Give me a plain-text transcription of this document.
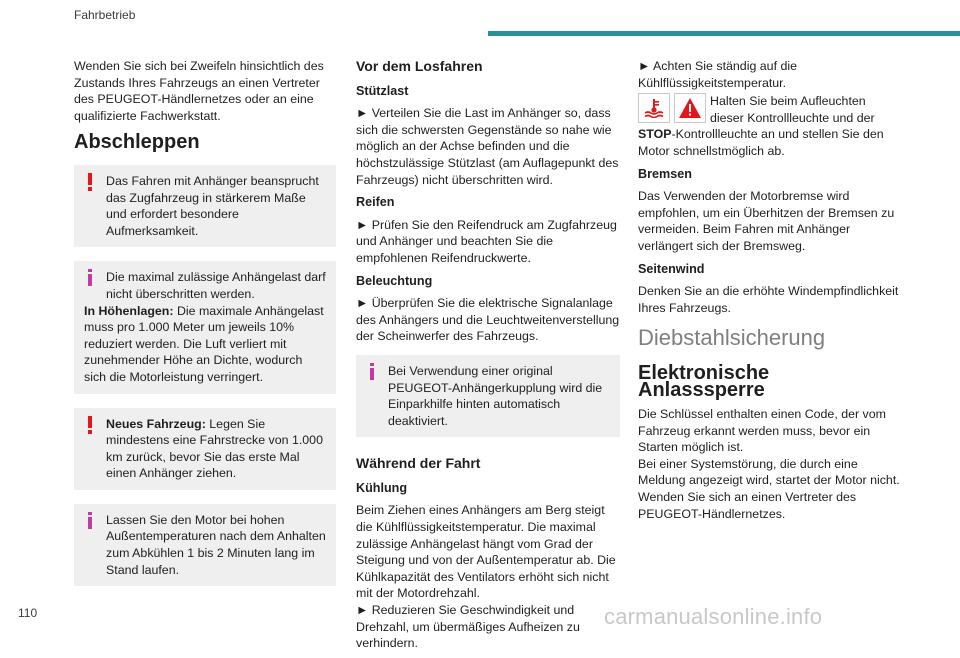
Fahrbetrieb

Wenden Sie sich bei Zweifeln hinsichtlich des Zustands Ihres Fahrzeugs an einen Vertreter des PEUGEOT-Händlernetzes oder an eine qualifizierte Fachwerkstatt.

Abschleppen
Das Fahren mit Anhänger beansprucht das Zugfahrzeug in stärkerem Maße und erfordert besondere Aufmerksamkeit.
Die maximal zulässige Anhängelast darf nicht überschritten werden.
In Höhenlagen: Die maximale Anhängelast muss pro 1.000 Meter um jeweils 10% reduziert werden. Die Luft verliert mit zunehmender Höhe an Dichte, wodurch sich die Motorleistung verringert.
Neues Fahrzeug: Legen Sie mindestens eine Fahrstrecke von 1.000 km zurück, bevor Sie das erste Mal einen Anhänger ziehen.
Lassen Sie den Motor bei hohen Außentemperaturen nach dem Anhalten zum Abkühlen 1 bis 2 Minuten lang im Stand laufen.
Vor dem Losfahren
Stützlast

► Verteilen Sie die Last im Anhänger so, dass sich die schwersten Gegenstände so nahe wie möglich an der Achse befinden und die höchstzulässige Stützlast (am Auflagepunkt des Fahrzeugs) nicht überschritten wird.

Reifen

► Prüfen Sie den Reifendruck am Zugfahrzeug und Anhänger und beachten Sie die empfohlenen Reifendruckwerte.

Beleuchtung

► Überprüfen Sie die elektrische Signalanlage des Anhängers und die Leuchtweitenverstellung der Scheinwerfer des Fahrzeugs.

Bei Verwendung einer original PEUGEOT-Anhängerkupplung wird die Einparkhilfe hinten automatisch deaktiviert.
Während der Fahrt
Kühlung

Beim Ziehen eines Anhängers am Berg steigt die Kühlflüssigkeitstemperatur. Die maximal zulässige Anhängelast hängt vom Grad der Steigung und von der Außentemperatur ab. Die Kühlkapazität des Ventilators erhöht sich nicht mit der Motordrehzahl.

► Reduzieren Sie Geschwindigkeit und Drehzahl, um übermäßiges Aufheizen zu verhindern.

► Achten Sie ständig auf die Kühlflüssigkeitstemperatur.

Halten Sie beim Aufleuchten dieser Kontrollleuchte und der STOP-Kontrollleuchte an und stellen Sie den Motor schnellstmöglich ab.
Bremsen

Das Verwenden der Motorbremse wird empfohlen, um ein Überhitzen der Bremsen zu vermeiden. Beim Fahren mit Anhänger verlängert sich der Bremsweg.

Seitenwind

Denken Sie an die erhöhte Windempfindlichkeit Ihres Fahrzeugs.

Diebstahlsicherung
Elektronische Anlasssperre

Die Schlüssel enthalten einen Code, der vom Fahrzeug erkannt werden muss, bevor ein Starten möglich ist.

Bei einer Systemstörung, die durch eine Meldung angezeigt wird, startet der Motor nicht.

Wenden Sie sich an einen Vertreter des PEUGEOT-Händlernetzes.

110	carmanualsonline.info
